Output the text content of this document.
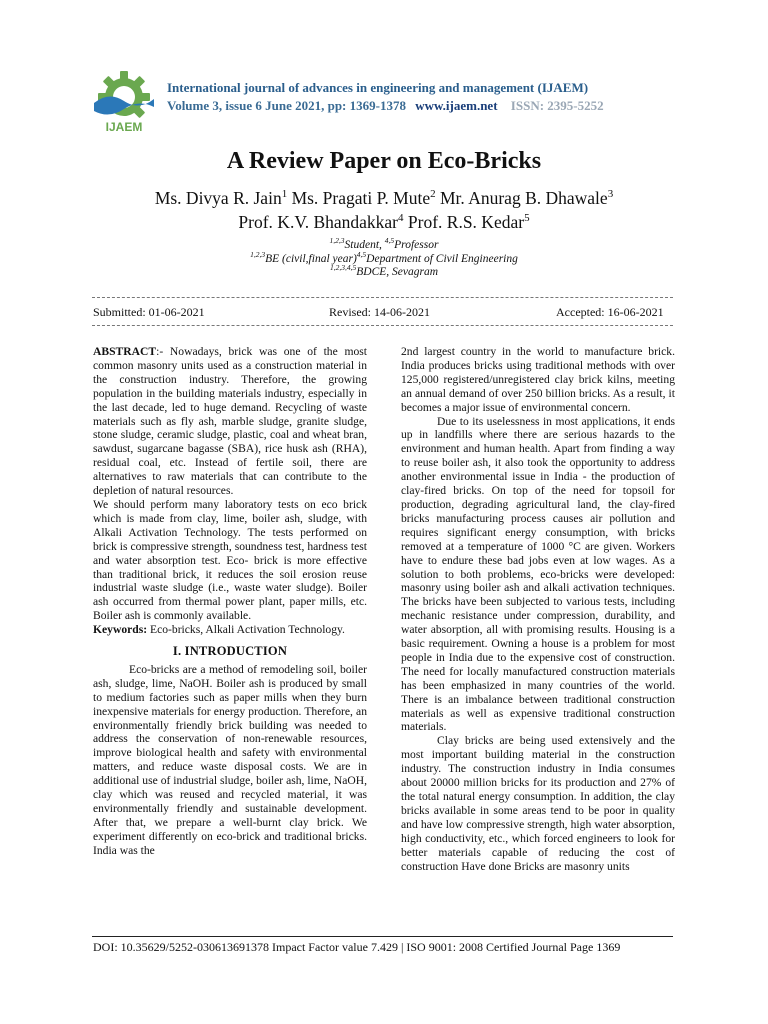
IJAEM
International journal of advances in engineering and management (IJAEM)
Volume 3, issue 6 June 2021, pp: 1369-1378 www.ijaem.net ISSN: 2395-5252
A Review Paper on Eco-Bricks
Ms. Divya R. Jain$^1$ Ms. Pragati P. Mute$^2$ Mr. Anurag B. Dhawale$^3$
Prof. K.V. Bhandakkar$^4$ Prof. R.S. Kedar$^5$
$^{1,2,3}$Student, $^{4,5}$Professor
$^{1,2,3}$BE (civil,final year)$^{4,5}$Department of Civil Engineering
$^{1,2,3,4,5}$BDCE, Sevagram
Submitted: 01-06-2021	Revised: 14-06-2021	Accepted: 16-06-2021

ABSTRACT:- Nowadays, brick was one of the most common masonry units used as a construction material in the construction industry. Therefore, the growing population in the building materials industry, especially in the last decade, led to huge demand. Recycling of waste materials such as fly ash, marble sludge, granite sludge, stone sludge, ceramic sludge, plastic, coal and wheat bran, sawdust, sugarcane bagasse (SBA), rice husk ash (RHA), residual coal, etc. Instead of fertile soil, there are alternatives to raw materials that can contribute to the depletion of natural resources.

We should perform many laboratory tests on eco brick which is made from clay, lime, boiler ash, sludge, with Alkali Activation Technology. The tests performed on brick is compressive strength, soundness test, hardness test and water absorption test. Eco- brick is more effective than traditional brick, it reduces the soil erosion reuse industrial waste sludge (i.e., waste water sludge). Boiler ash occurred from thermal power plant, paper mills, etc. Boiler ash is commonly available.

Keywords: Eco-bricks, Alkali Activation Technology.

I. INTRODUCTION

Eco-bricks are a method of remodeling soil, boiler ash, sludge, lime, NaOH. Boiler ash is produced by small to medium factories such as paper mills when they burn inexpensive materials for energy production. Therefore, an environmentally friendly brick building was needed to address the conservation of non-renewable resources, improve biological health and safety with environmental matters, and reduce waste disposal costs. We are in additional use of industrial sludge, boiler ash, lime, NaOH, clay which was reused and recycled material, it was environmentally friendly and sustainable development. After that, we prepare a well-burnt clay brick. We experiment differently on eco-brick and traditional bricks. India was the

2nd largest country in the world to manufacture brick. India produces bricks using traditional methods with over 125,000 registered/unregistered clay brick kilns, meeting an annual demand of over 250 billion bricks. As a result, it becomes a major issue of environmental concern.

Due to its uselessness in most applications, it ends up in landfills where there are serious hazards to the environment and human health. Apart from finding a way to reuse boiler ash, it also took the opportunity to address another environmental issue in India - the production of clay-fired bricks. On top of the need for topsoil for production, degrading agricultural land, the clay-fired bricks manufacturing process causes air pollution and requires significant energy consumption, with bricks removed at a temperature of 1000 °C are given. Workers have to endure these bad jobs even at low wages. As a solution to both problems, eco-bricks were developed: masonry using boiler ash and alkali activation techniques. The bricks have been subjected to various tests, including mechanic resistance under compression, durability, and water absorption, all with promising results. Housing is a basic requirement. Owning a house is a problem for most people in India due to the expensive cost of construction. The need for locally manufactured construction materials has been emphasized in many countries of the world. There is an imbalance between traditional construction materials as well as expensive traditional construction materials.

Clay bricks are being used extensively and the most important building material in the construction industry. The construction industry in India consumes about 20000 million bricks for its production and 27% of the total natural energy consumption. In addition, the clay bricks available in some areas tend to be poor in quality and have low compressive strength, high water absorption, high conductivity, etc., which forced engineers to look for better materials capable of reducing the cost of construction Have done Bricks are masonry units

DOI: 10.35629/5252-030613691378 Impact Factor value 7.429 | ISO 9001: 2008 Certified Journal Page 1369
